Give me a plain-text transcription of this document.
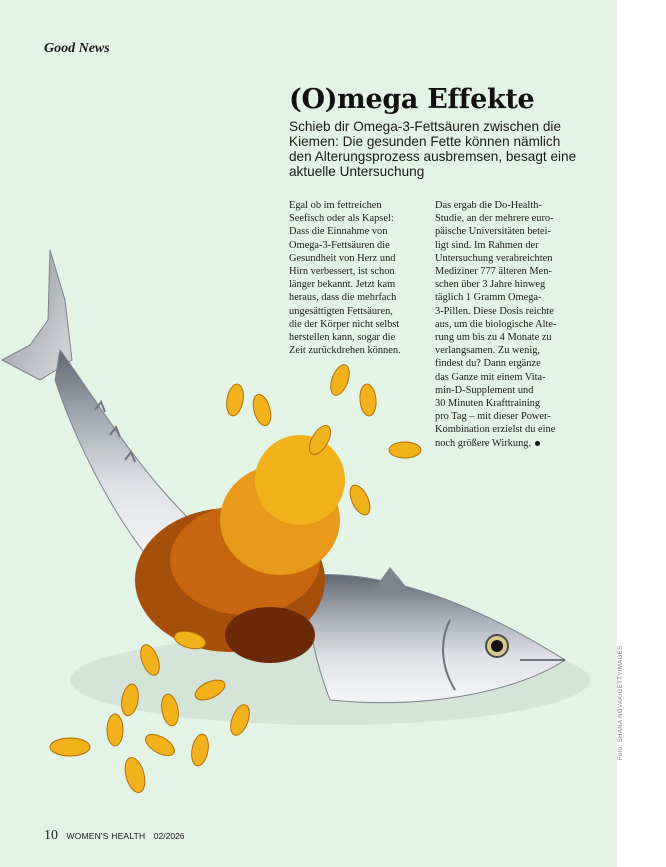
Good News
(O)mega Effekte

Schieb dir Omega-3-Fettsäuren zwischen die Kiemen: Die gesunden Fette können nämlich den Alterungsprozess ausbremsen, besagt eine aktuelle Untersuchung

Egal ob im fettreichen
Seefisch oder als Kapsel:
Dass die Einnahme von
Omega-3-Fettsäuren die
Gesundheit von Herz und
Hirn verbessert, ist schon
länger bekannt. Jetzt kam
heraus, dass die mehrfach
ungesättigten Fettsäuren,
die der Körper nicht selbst
herstellen kann, sogar die
Zeit zurückdrehen können.
Das ergab die Do-Health-
Studie, an der mehrere euro-
päische Universitäten betei-
ligt sind. Im Rahmen der
Untersuchung verabreichten
Mediziner 777 älteren Men-
schen über 3 Jahre hinweg
täglich 1 Gramm Omega-
3-Pillen. Diese Dosis reichte
aus, um die biologische Alte-
rung um bis zu 4 Monate zu
verlangsamen. Zu wenig,
findest du? Dann ergänze
das Ganze mit einem Vita-
min-D-Supplement und
30 Minuten Krafttraining
pro Tag – mit dieser Power-
Kombination erzielst du eine
noch größere Wirkung.
10 WOMEN'S HEALTH 02/2026
Foto: SHANA NOVAK/GETTYIMAGES
